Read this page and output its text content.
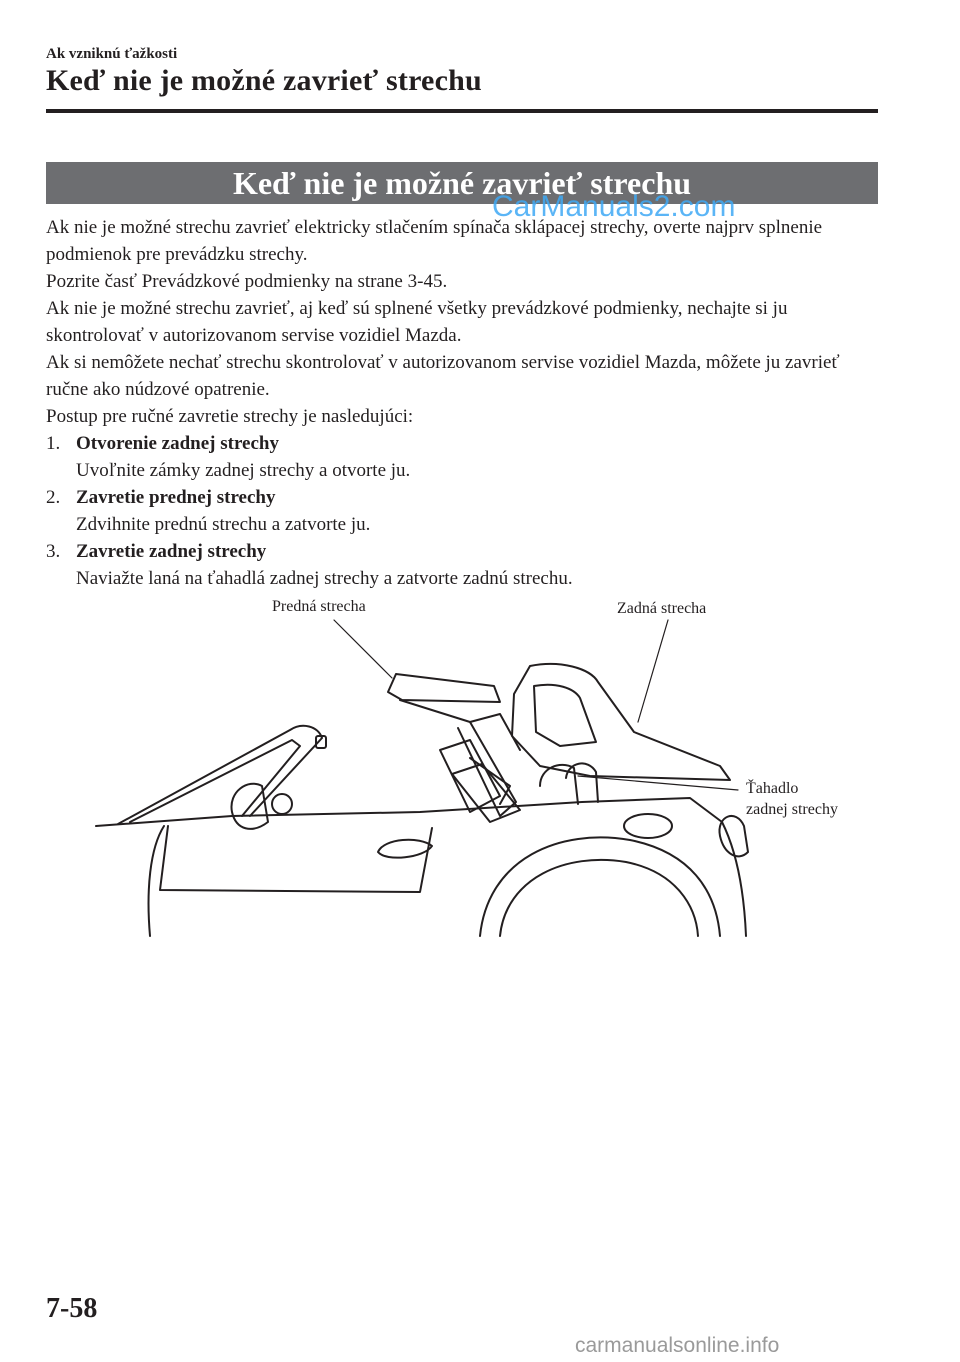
Ak vzniknú ťažkosti
Keď nie je možné zavrieť strechu
Keď nie je možné zavrieť strechu
CarManuals2.com

Ak nie je možné strechu zavrieť elektricky stlačením spínača sklápacej strechy, overte najprv splnenie podmienok pre prevádzku strechy.

Pozrite časť Prevádzkové podmienky na strane 3-45.

Ak nie je možné strechu zavrieť, aj keď sú splnené všetky prevádzkové podmienky, nechajte si ju skontrolovať v autorizovanom servise vozidiel Mazda.

Ak si nemôžete nechať strechu skontrolovať v autorizovanom servise vozidiel Mazda, môžete ju zavrieť ručne ako núdzové opatrenie.

Postup pre ručné zavretie strechy je nasledujúci:

1. Otvorenie zadnej strechy
Uvoľnite zámky zadnej strechy a otvorte ju.
2. Zavretie prednej strechy
Zdvihnite prednú strechu a zatvorte ju.
3. Zavretie zadnej strechy
Naviažte laná na ťahadlá zadnej strechy a zatvorte zadnú strechu.
Predná strecha	Zadná strecha
Ťahadlo
zadnej strechy
7-58
carmanualsonline.info
